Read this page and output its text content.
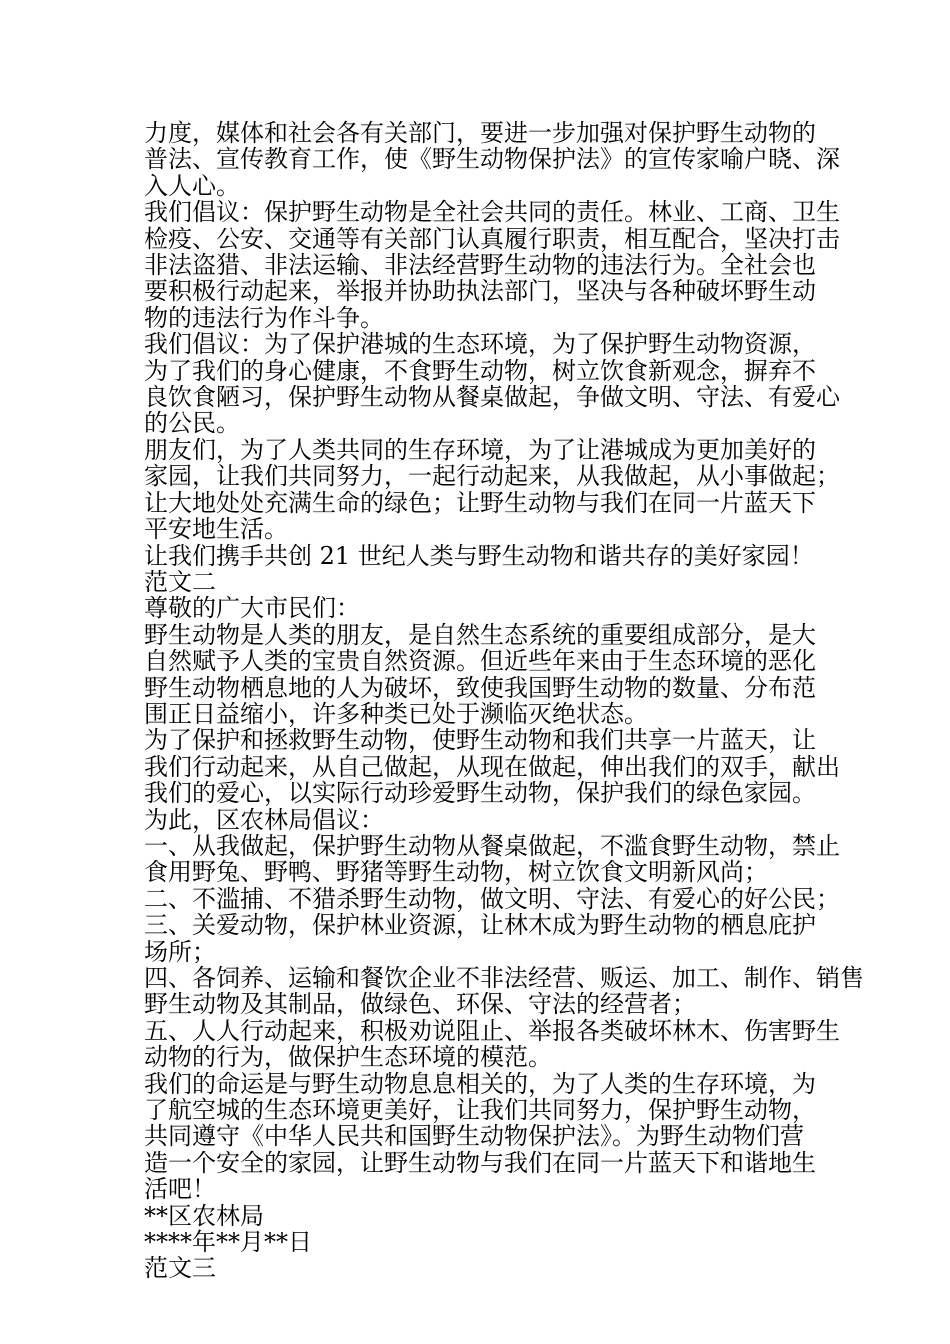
力度，媒体和社会各有关部门，要进一步加强对保护野生动物的

普法、宣传教育工作，使《野生动物保护法》的宣传家喻户晓、深

入人心。

我们倡议：保护野生动物是全社会共同的责任。林业、工商、卫生

检疫、公安、交通等有关部门认真履行职责，相互配合，坚决打击

非法盗猎、非法运输、非法经营野生动物的违法行为。全社会也

要积极行动起来，举报并协助执法部门，坚决与各种破坏野生动

物的违法行为作斗争。

我们倡议：为了保护港城的生态环境，为了保护野生动物资源，

为了我们的身心健康，不食野生动物，树立饮食新观念，摒弃不

良饮食陋习，保护野生动物从餐桌做起，争做文明、守法、有爱心

的公民。

朋友们，为了人类共同的生存环境，为了让港城成为更加美好的

家园，让我们共同努力，一起行动起来，从我做起，从小事做起；

让大地处处充满生命的绿色；让野生动物与我们在同一片蓝天下

平安地生活。

让我们携手共创 21 世纪人类与野生动物和谐共存的美好家园！

范文二

尊敬的广大市民们：

野生动物是人类的朋友，是自然生态系统的重要组成部分，是大

自然赋予人类的宝贵自然资源。但近些年来由于生态环境的恶化

野生动物栖息地的人为破坏，致使我国野生动物的数量、分布范

围正日益缩小，许多种类已处于濒临灭绝状态。

为了保护和拯救野生动物，使野生动物和我们共享一片蓝天，让

我们行动起来，从自己做起，从现在做起，伸出我们的双手，献出

我们的爱心，以实际行动珍爱野生动物，保护我们的绿色家园。

为此，区农林局倡议：

一、从我做起，保护野生动物从餐桌做起，不滥食野生动物，禁止

食用野兔、野鸭、野猪等野生动物，树立饮食文明新风尚；

二、不滥捕、不猎杀野生动物，做文明、守法、有爱心的好公民；

三、关爱动物，保护林业资源，让林木成为野生动物的栖息庇护

场所；

四、各饲养、运输和餐饮企业不非法经营、贩运、加工、制作、销售

野生动物及其制品，做绿色、环保、守法的经营者；

五、人人行动起来，积极劝说阻止、举报各类破坏林木、伤害野生

动物的行为，做保护生态环境的模范。

我们的命运是与野生动物息息相关的，为了人类的生存环境，为

了航空城的生态环境更美好，让我们共同努力，保护野生动物，

共同遵守《中华人民共和国野生动物保护法》。为野生动物们营

造一个安全的家园，让野生动物与我们在同一片蓝天下和谐地生

活吧！

**区农林局

****年**月**日

范文三
